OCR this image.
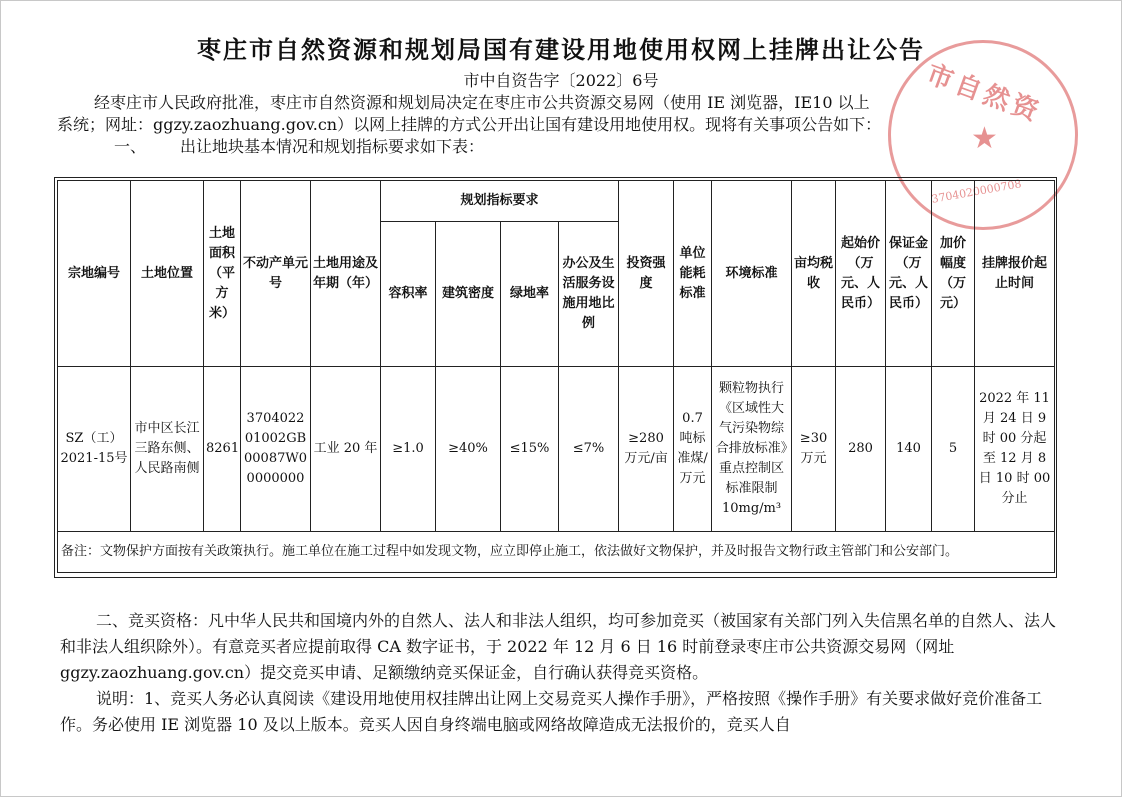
市自然资
★
3704020000708
枣庄市自然资源和规划局国有建设用地使用权网上挂牌出让公告
市中自资告字〔2022〕6号
经枣庄市人民政府批准，枣庄市自然资源和规划局决定在枣庄市公共资源交易网（使用 IE 浏览器，IE10 以上
系统；网址：ggzy.zaozhuang.gov.cn）以网上挂牌的方式公开出让国有建设用地使用权。现将有关事项公告如下：
一、 出让地块基本情况和规划指标要求如下表：
宗地编号	土地位置	土地面积（平方米）	不动产单元号	土地用途及年期（年）	规划指标要求				投资强度	单位能耗标准	环境标准	亩均税收	起始价（万元、人民币）	保证金（万元、人民币）	加价幅度（万元）	挂牌报价起止时间
					容积率	建筑密度	绿地率	办公及生活服务设施用地比例								
SZ（工）2021-15号	市中区长江三路东侧、人民路南侧	8261	370402201002GB00087W00000000	工业 20 年	≥1.0	≥40%	≤15%	≤7%	≥280 万元/亩	0.7 吨标准煤/万元	颗粒物执行《区域性大气污染物综合排放标准》重点控制区标准限制 10mg/m³	≥30 万元	280	140	5	2022 年 11 月 24 日 9 时 00 分起至 12 月 8 日 10 时 00 分止
备注：文物保护方面按有关政策执行。施工单位在施工过程中如发现文物，应立即停止施工，依法做好文物保护，并及时报告文物行政主管部门和公安部门。																

二、竞买资格：凡中华人民共和国境内外的自然人、法人和非法人组织，均可参加竞买（被国家有关部门列入失信黑名单的自然人、法人和非法人组织除外）。有意竞买者应提前取得 CA 数字证书，于 2022 年 12 月 6 日 16 时前登录枣庄市公共资源交易网（网址 ggzy.zaozhuang.gov.cn）提交竞买申请、足额缴纳竞买保证金，自行确认获得竞买资格。

说明：1、竞买人务必认真阅读《建设用地使用权挂牌出让网上交易竞买人操作手册》，严格按照《操作手册》有关要求做好竞价准备工作。务必使用 IE 浏览器 10 及以上版本。竞买人因自身终端电脑或网络故障造成无法报价的，竞买人自
